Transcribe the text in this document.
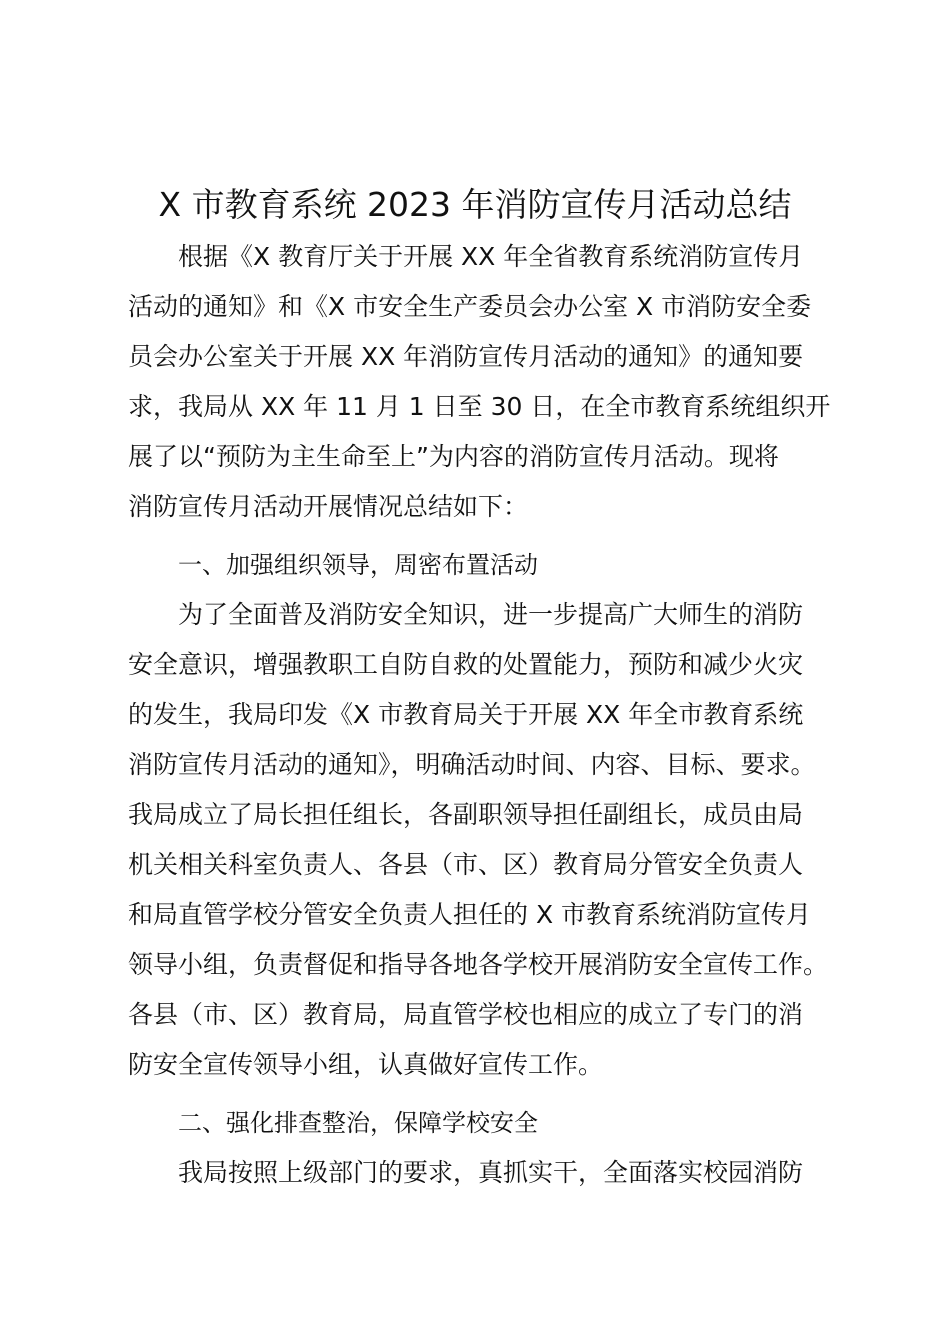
X 市教育系统 2023 年消防宣传月活动总结
根据《X 教育厅关于开展 XX 年全省教育系统消防宣传月
活动的通知》和《X 市安全生产委员会办公室 X 市消防安全委
员会办公室关于开展 XX 年消防宣传月活动的通知》的通知要
求，我局从 XX 年 11 月 1 日至 30 日，在全市教育系统组织开
展了以“预防为主生命至上”为内容的消防宣传月活动。现将
消防宣传月活动开展情况总结如下：
一、加强组织领导，周密布置活动
为了全面普及消防安全知识，进一步提高广大师生的消防
安全意识，增强教职工自防自救的处置能力，预防和减少火灾
的发生，我局印发《X 市教育局关于开展 XX 年全市教育系统
消防宣传月活动的通知》，明确活动时间、内容、目标、要求。
我局成立了局长担任组长，各副职领导担任副组长，成员由局
机关相关科室负责人、各县（市、区）教育局分管安全负责人
和局直管学校分管安全负责人担任的 X 市教育系统消防宣传月
领导小组，负责督促和指导各地各学校开展消防安全宣传工作。
各县（市、区）教育局，局直管学校也相应的成立了专门的消
防安全宣传领导小组，认真做好宣传工作。
二、强化排查整治，保障学校安全
我局按照上级部门的要求，真抓实干，全面落实校园消防
